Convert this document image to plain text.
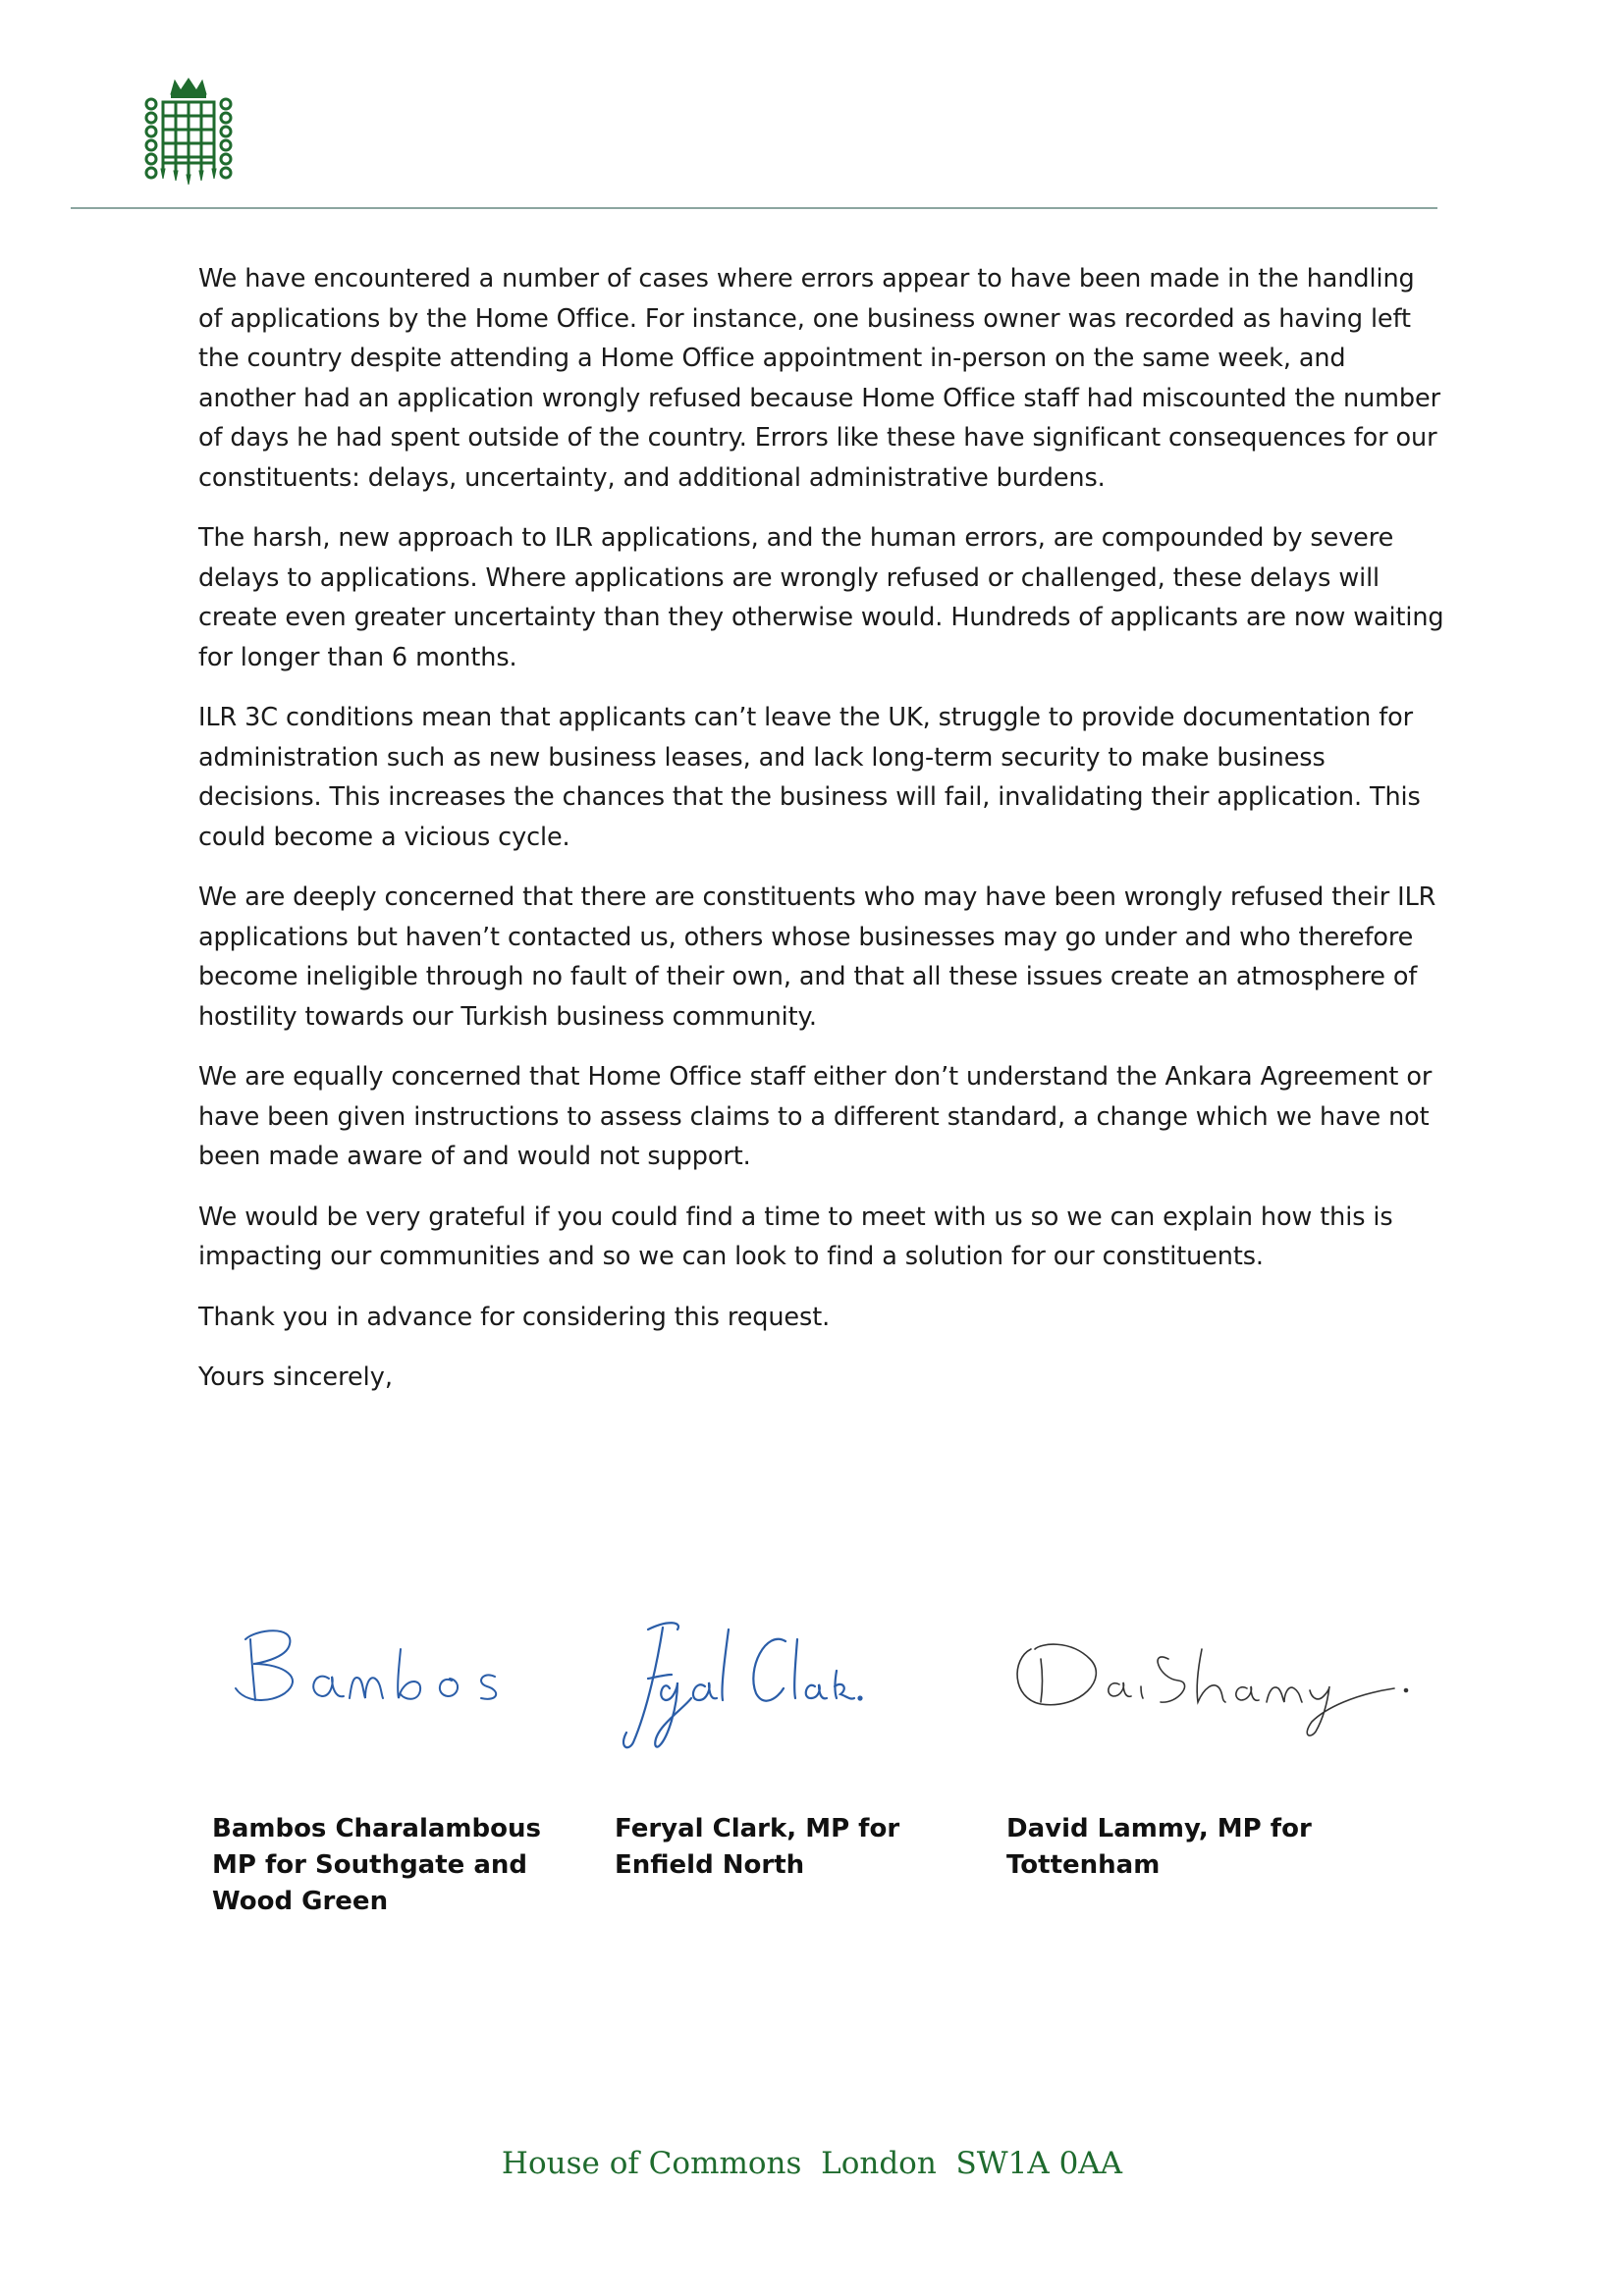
We have encountered a number of cases where errors appear to have been made in the handling of applications by the Home Office. For instance, one business owner was recorded as having left the country despite attending a Home Office appointment in-person on the same week, and another had an application wrongly refused because Home Office staff had miscounted the number of days he had spent outside of the country. Errors like these have significant consequences for our constituents: delays, uncertainty, and additional administrative burdens.

The harsh, new approach to ILR applications, and the human errors, are compounded by severe delays to applications. Where applications are wrongly refused or challenged, these delays will create even greater uncertainty than they otherwise would. Hundreds of applicants are now waiting for longer than 6 months.

ILR 3C conditions mean that applicants can’t leave the UK, struggle to provide documentation for administration such as new business leases, and lack long-term security to make business decisions. This increases the chances that the business will fail, invalidating their application. This could become a vicious cycle.

We are deeply concerned that there are constituents who may have been wrongly refused their ILR applications but haven’t contacted us, others whose businesses may go under and who therefore become ineligible through no fault of their own, and that all these issues create an atmosphere of hostility towards our Turkish business community.

We are equally concerned that Home Office staff either don’t understand the Ankara Agreement or have been given instructions to assess claims to a different standard, a change which we have not been made aware of and would not support.

We would be very grateful if you could find a time to meet with us so we can explain how this is impacting our communities and so we can look to find a solution for our constituents.

Thank you in advance for considering this request.

Yours sincerely,

Bambos Charalambous
MP for Southgate and
Wood Green
Feryal Clark, MP for
Enfield North
David Lammy, MP for
Tottenham
House of Commons  London  SW1A 0AA
